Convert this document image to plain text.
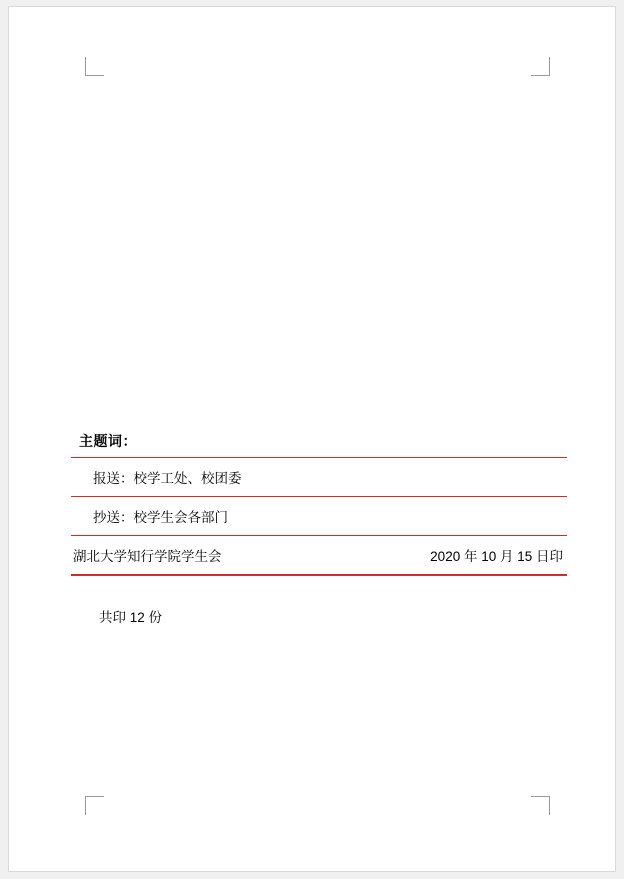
主题词：
报送：校学工处、校团委
抄送：校学生会各部门
湖北大学知行学院学生会	2020 年 10 月 15 日印
共印 12 份
